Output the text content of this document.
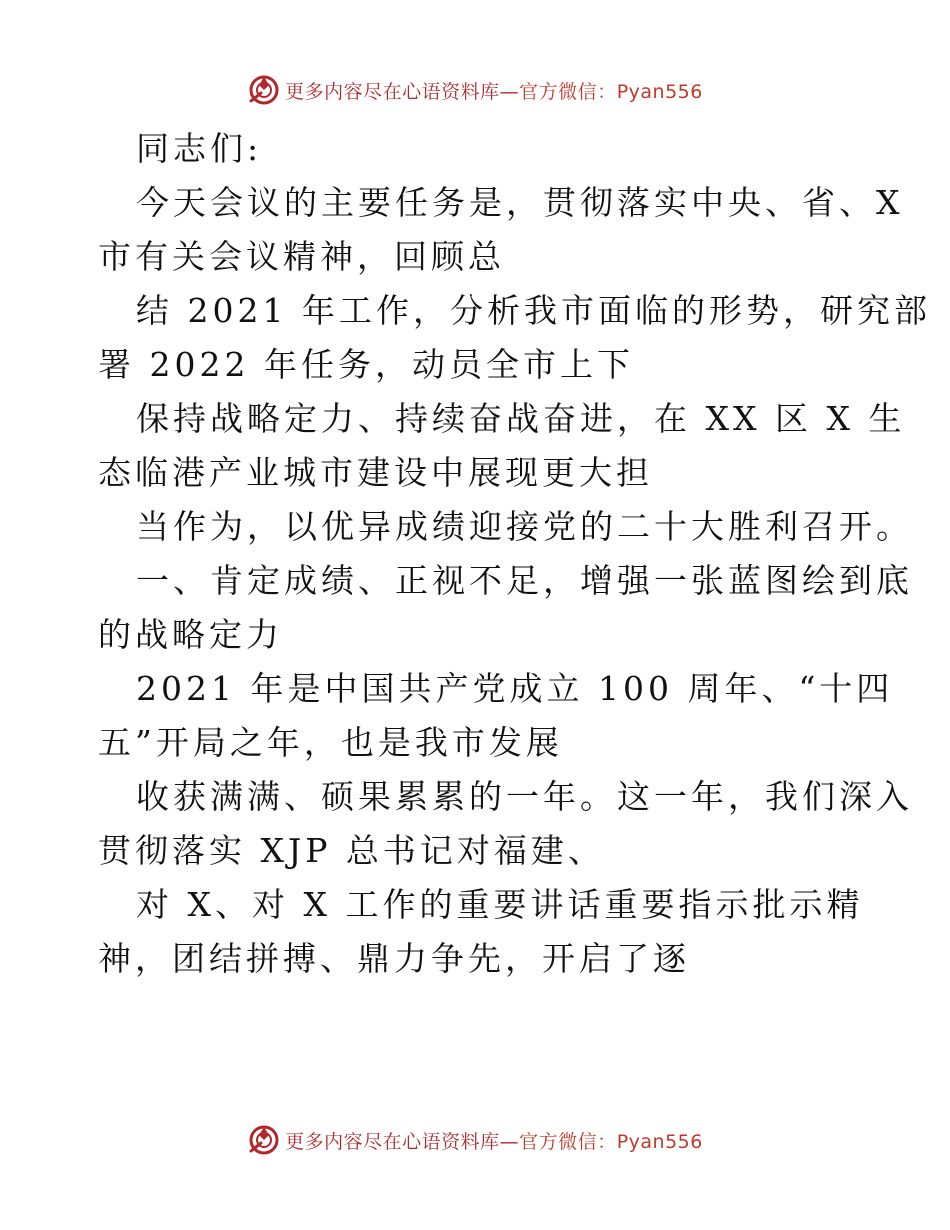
更多内容尽在心语资料库—官方微信：Pyan556
同志们:
今天会议的主要任务是，贯彻落实中央、省、X
市有关会议精神，回顾总
结 2021 年工作，分析我市面临的形势，研究部
署 2022 年任务，动员全市上下
保持战略定力、持续奋战奋进，在 XX 区 X 生
态临港产业城市建设中展现更大担
当作为，以优异成绩迎接党的二十大胜利召开。
一、肯定成绩、正视不足，增强一张蓝图绘到底
的战略定力
2021 年是中国共产党成立 100 周年、“十四
五”开局之年，也是我市发展
收获满满、硕果累累的一年。这一年，我们深入
贯彻落实 XJP 总书记对福建、
对 X、对 X 工作的重要讲话重要指示批示精
神，团结拼搏、鼎力争先，开启了逐
更多内容尽在心语资料库—官方微信：Pyan556
